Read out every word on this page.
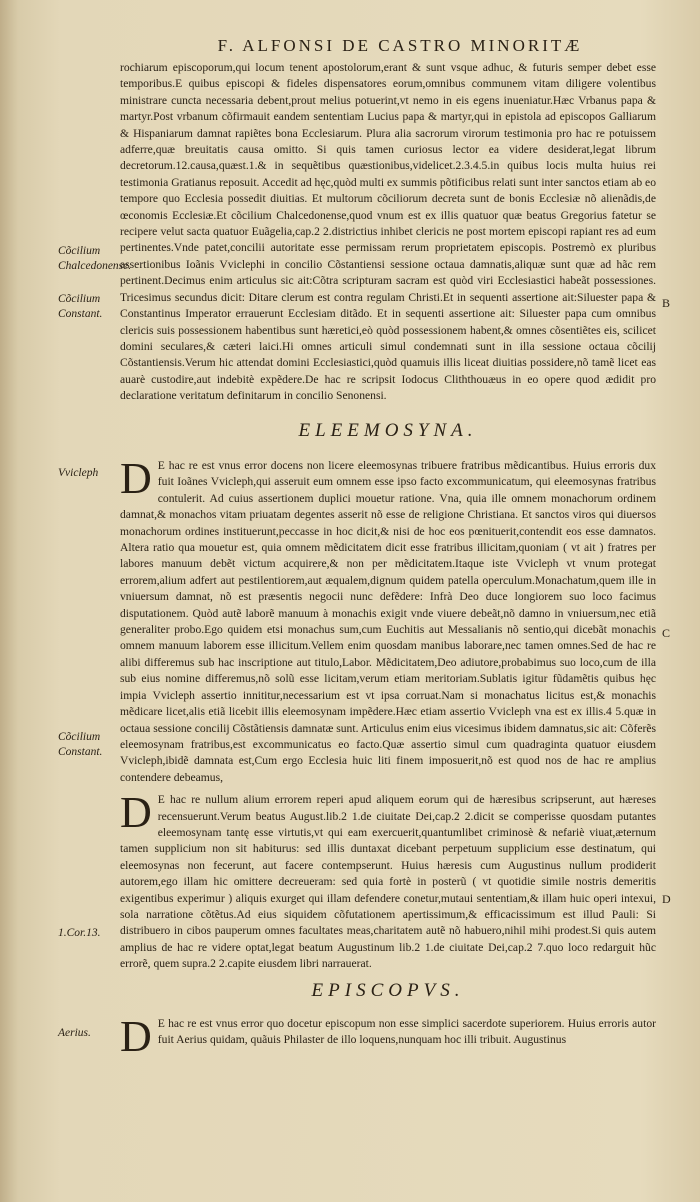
F. ALFONSI DE CASTRO MINORITÆ

rochiarum episcoporum,qui locum tenent apostolorum,erant & sunt vsque adhuc, & futuris semper debet esse temporibus.E quibus episcopi & fideles dispensatores eorum,omnibus communem vitam diligere volentibus ministrare cuncta necessaria debent,prout melius potuerint,vt nemo in eis egens inueniatur.Hæc Vrbanus papa & martyr.Post vrbanum cõfirmauit eandem sententiam Lucius papa & martyr,qui in epistola ad episcopos Galliarum & Hispaniarum damnat rapiẽtes bona Ecclesiarum. Plura alia sacrorum virorum testimonia pro hac re potuissem adferre,quæ breuitatis causa omitto. Si quis tamen curiosus lector ea videre desiderat,legat librum decretorum.12.causa,quæst.1.& in sequẽtibus quæstionibus,videlicet.2.3.4.5.in quibus locis multa huius rei testimonia Gratianus reposuit. Accedit ad hęc,quòd multi ex summis põtificibus relati sunt inter sanctos etiam ab eo tempore quo Ecclesia possedit diuitias. Et multorum cõciliorum decreta sunt de bonis Ecclesiæ nõ alienãdis,de œconomis Ecclesiæ.Et cõcilium Chalcedonense,quod vnum est ex illis quatuor quæ beatus Gregorius fatetur se recipere velut sacta quatuor Euãgelia,cap.2 2.districtius inhibet clericis ne post mortem episcopi rapiant res ad eum pertinentes.Vnde patet,concilii autoritate esse permissam rerum proprietatem episcopis. Postremò ex pluribus assertionibus Ioãnis Vviclephi in concilio Cõstantiensi sessione octaua damnatis,aliquæ sunt quæ ad hãc rem pertinent.Decimus enim articulus sic ait:Cõtra scripturam sacram est quòd viri Ecclesiastici habeãt possessiones. Tricesimus secundus dicit: Ditare clerum est contra regulam Christi.Et in sequenti assertione ait:Siluester papa & Constantinus Imperator errauerunt Ecclesiam ditãdo. Et in sequenti assertione ait: Siluester papa cum omnibus clericis suis possessionem habentibus sunt hæretici,eò quòd possessionem habent,& omnes cõsentiẽtes eis, scilicet domini seculares,& cæteri laici.Hi omnes articuli simul condemnati sunt in illa sessione octaua cõcilij Cõstantiensis.Verum hic attendat domini Ecclesiastici,quòd quamuis illis liceat diuitias possidere,nõ tamẽ licet eas auarè custodire,aut indebitè expẽdere.De hac re scripsit Iodocus Cliththouæus in eo opere quod ædidit pro declaratione veritatum definitarum in concilio Senonensi.

Cõcilium Chalcedonense.
Cõcilium Constant.
B
ELEEMOSYNA.

D E hac re est vnus error docens non licere eleemosynas tribuere fratribus mẽdicantibus. Huius erroris dux fuit Ioãnes Vvicleph,qui asseruit eum omnem esse ipso facto excommunicatum, qui eleemosynas fratribus contulerit. Ad cuius assertionem duplici mouetur ratione. Vna, quia ille omnem monachorum ordinem damnat,& monachos vitam priuatam degentes asserit nõ esse de religione Christiana. Et sanctos viros qui diuersos monachorum ordines instituerunt,peccasse in hoc dicit,& nisi de hoc eos pœnituerit,contendit eos esse damnatos. Altera ratio qua mouetur est, quia omnem mẽdicitatem dicit esse fratribus illicitam,quoniam ( vt ait ) fratres per labores manuum debẽt victum acquirere,& non per mẽdicitatem.Itaque iste Vvicleph vt vnum protegat errorem,alium adfert aut pestilentiorem,aut æqualem,dignum quidem patella operculum.Monachatum,quem ille in vniuersum damnat, nõ est præsentis negocii nunc defẽdere: Infrà Deo duce longiorem suo loco facimus disputationem. Quòd autẽ laborẽ manuum à monachis exigit vnde viuere debeãt,nõ damno in vniuersum,nec etiã generaliter probo.Ego quidem etsi monachus sum,cum Euchitis aut Messalianis nõ sentio,qui dicebãt monachis omnem manuum laborem esse illicitum.Vellem enim quosdam manibus laborare,nec tamen omnes.Sed de hac re alibi differemus sub hac inscriptione aut titulo,Labor. Mẽdicitatem,Deo adiutore,probabimus suo loco,cum de illa sub eius nomine differemus,nõ solũ esse licitam,verum etiam meritoriam.Sublatis igitur fũdamẽtis quibus hęc impia Vvicleph assertio innititur,necessarium est vt ipsa corruat.Nam si monachatus licitus est,& monachis mẽdicare licet,alis etiã licebit illis eleemosynam impẽdere.Hæc etiam assertio Vvicleph vna est ex illis.4 5.quæ in octaua sessione concilij Cõstãtiensis damnatæ sunt. Articulus enim eius vicesimus ibidem damnatus,sic ait: Cõferẽs eleemosynam fratribus,est excommunicatus eo facto.Quæ assertio simul cum quadraginta quatuor eiusdem Vvicleph,ibidẽ damnata est,Cum ergo Ecclesia huic liti finem imposuerit,nõ est quod nos de hac re amplius contendere debeamus,

D E hac re nullum alium errorem reperi apud aliquem eorum qui de hæresibus scripserunt, aut hæreses recensuerunt.Verum beatus August.lib.2 1.de ciuitate Dei,cap.2 2.dicit se comperisse quosdam putantes eleemosynam tantę esse virtutis,vt qui eam exercuerit,quantumlibet criminosè & nefariè viuat,æternum tamen supplicium non sit habiturus: sed illis duntaxat dicebant perpetuum supplicium esse destinatum, qui eleemosynas non fecerunt, aut facere contempserunt. Huius hæresis cum Augustinus nullum prodiderit autorem,ego illam hic omittere decreueram: sed quia fortè in posterũ ( vt quotidie simile nostris demeritis exigentibus experimur ) aliquis exurget qui illam defendere conetur,mutaui sententiam,& illam huic operi intexui, sola narratione cõtẽtus.Ad eius siquidem cõfutationem apertissimum,& efficacissimum est illud Pauli: Si distribuero in cibos pauperum omnes facultates meas,charitatem autẽ nõ habuero,nihil mihi prodest.Si quis autem amplius de hac re videre optat,legat beatum Augustinum lib.2 1.de ciuitate Dei,cap.2 7.quo loco redarguit hũc errorẽ, quem supra.2 2.capite eiusdem libri narrauerat.

Vvicleph
C
Cõcilium Constant.
D
1.Cor.13.
EPISCOPVS.

D E hac re est vnus error quo docetur episcopum non esse simplici sacerdote superiorem. Huius erroris autor fuit Aerius quidam, quãuis Philaster de illo loquens,nunquam hoc illi tribuit. Augustinus

Aerius.
